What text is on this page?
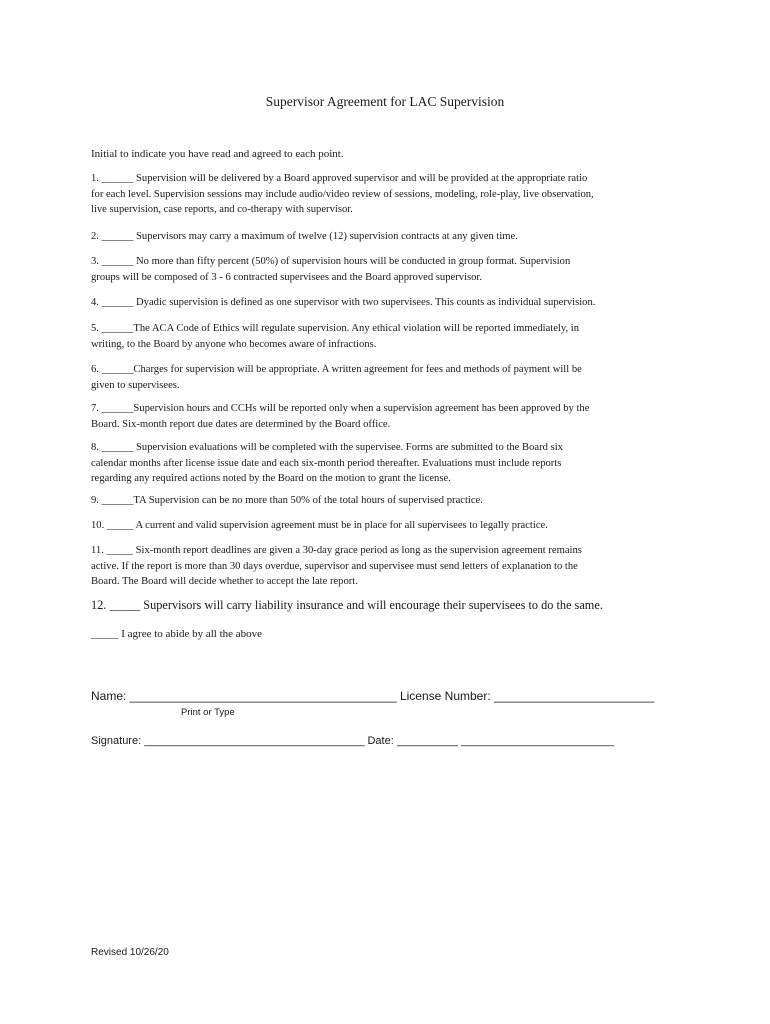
Supervisor Agreement for LAC Supervision
Initial to indicate you have read and agreed to each point.
1. ______ Supervision will be delivered by a Board approved supervisor and will be provided at the appropriate ratio
for each level. Supervision sessions may include audio/video review of sessions, modeling, role-play, live observation,
live supervision, case reports, and co-therapy with supervisor.
2. ______ Supervisors may carry a maximum of twelve (12) supervision contracts at any given time.
3. ______ No more than fifty percent (50%) of supervision hours will be conducted in group format. Supervision
groups will be composed of 3 - 6 contracted supervisees and the Board approved supervisor.
4. ______ Dyadic supervision is defined as one supervisor with two supervisees. This counts as individual supervision.
5. ______The ACA Code of Ethics will regulate supervision. Any ethical violation will be reported immediately, in
writing, to the Board by anyone who becomes aware of infractions.
6. ______Charges for supervision will be appropriate. A written agreement for fees and methods of payment will be
given to supervisees.
7. ______Supervision hours and CCHs will be reported only when a supervision agreement has been approved by the
Board. Six-month report due dates are determined by the Board office.
8. ______ Supervision evaluations will be completed with the supervisee. Forms are submitted to the Board six
calendar months after license issue date and each six-month period thereafter. Evaluations must include reports
regarding any required actions noted by the Board on the motion to grant the license.
9. ______TA Supervision can be no more than 50% of the total hours of supervised practice.
10. _____ A current and valid supervision agreement must be in place for all supervisees to legally practice.
11. _____ Six-month report deadlines are given a 30-day grace period as long as the supervision agreement remains
active. If the report is more than 30 days overdue, supervisor and supervisee must send letters of explanation to the
Board. The Board will decide whether to accept the late report.
12. _____ Supervisors will carry liability insurance and will encourage their supervisees to do the same.
_____ I agree to abide by all the above
Name: ________________________________________ License Number: ________________________
Print or Type
Signature: ____________________________________ Date: __________ _________________________
Revised 10/26/20
